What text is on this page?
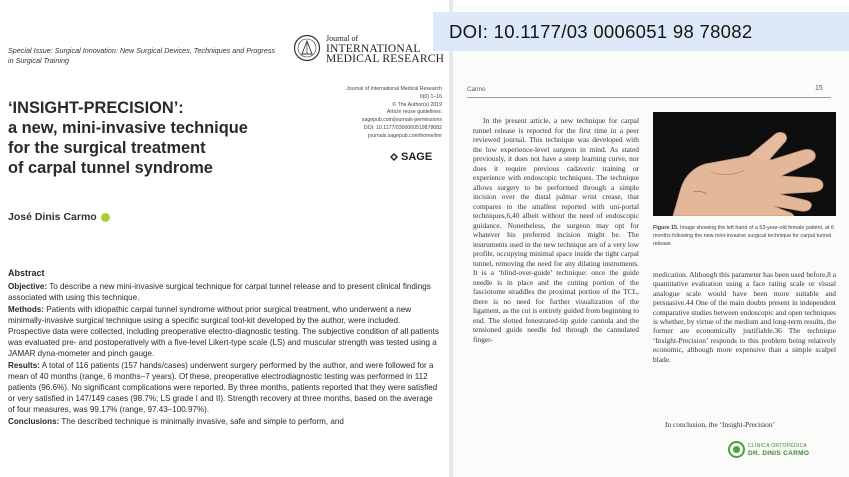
Special Issue: Surgical Innovation: New Surgical Devices, Techniques and Progress in Surgical Training
Journal of
INTERNATIONAL
MEDICAL RESEARCH
Journal of International Medical Research
0(0) 1–16
© The Author(s) 2019
Article reuse guidelines:
sagepub.com/journals-permissions
DOI: 10.1177/0300060519878082
journals.sagepub.com/home/imr
SAGE
‘INSIGHT-PRECISION’:
a new, mini-invasive technique
for the surgical treatment
of carpal tunnel syndrome
José Dinis Carmo
Abstract

Objective: To describe a new mini-invasive surgical technique for carpal tunnel release and to present clinical findings associated with using this technique.

Methods: Patients with idiopathic carpal tunnel syndrome without prior surgical treatment, who underwent a new minimally-invasive surgical technique using a specific surgical tool-kit developed by the author, were included. Prospective data were collected, including preoperative electro-diagnostic testing. The subjective condition of all patients was evaluated pre- and postoperatively with a five-level Likert-type scale (LS) and muscular strength was tested using a JAMAR dyna-mometer and pinch gauge.

Results: A total of 116 patients (157 hands/cases) underwent surgery performed by the author, and were followed for a mean of 40 months (range, 6 months–7 years). Of these, preoperative electrodiagnostic testing was performed in 112 patients (96.6%). No significant complications were reported. By three months, patients reported that they were satisfied or very satisfied in 147/149 cases (98.7%; LS grade I and II). Strength recovery at three months, based on the average of four measures, was 99.17% (range, 97.43–100.97%).

Conclusions: The described technique is minimally invasive, safe and simple to perform, and

Carmo	15
In the present article, a new technique for carpal tunnel release is reported for the first time in a peer reviewed journal. This technique was developed with the low experience-level surgeon in mind. As stated previously, it does not have a steep learning curve, nor does it require previous cadaveric training or experience with endoscopic techniques. The technique allows surgery to be performed through a simple incision over the distal palmar wrist crease, that compares to the smallest reported with uni-portal techniques,6,40 albeit without the need of endoscopic guidance. Nonetheless, the surgeon may opt for whatever his preferred incision might be. The instruments used in the new technique are of a very low profile, occupying minimal space inside the tight carpal tunnel, removing the need for any dilating instruments. It is a ‘blind-over-guide’ technique: once the guide needle is in place and the cutting portion of the fasciotome straddles the proximal portion of the TCL, there is no need for further visualization of the ligament, as the cut is entirely guided from beginning to end. The slotted fenestrated-tip guide cannula and the tensioned guide needle fed through the cannulated finger-
Figure 15. Image showing the left hand of a 53-year-old female patient, at 6 months following the new mini-invasive surgical technique for carpal tunnel release.
medication. Although this parameter has been used before,8 a quantitative evaluation using a face rating scale or visual analogue scale would have been more suitable and persuasive.44 One of the main doubts present in independent comparative studies between endoscopic and open techniques is whether, by virtue of the medium and long-term results, the former are economically justifiable.36 The technique ‘Insight-Precision’ responds to this problem being relatively economic, although more expensive than a simple scalpel blade.
In conclusion, the ‘Insight-Precision’
CLÍNICA ORTOPÉDICA
DR. DINIS CARMO
DOI: 10.1177/03 0006051 98 78082
